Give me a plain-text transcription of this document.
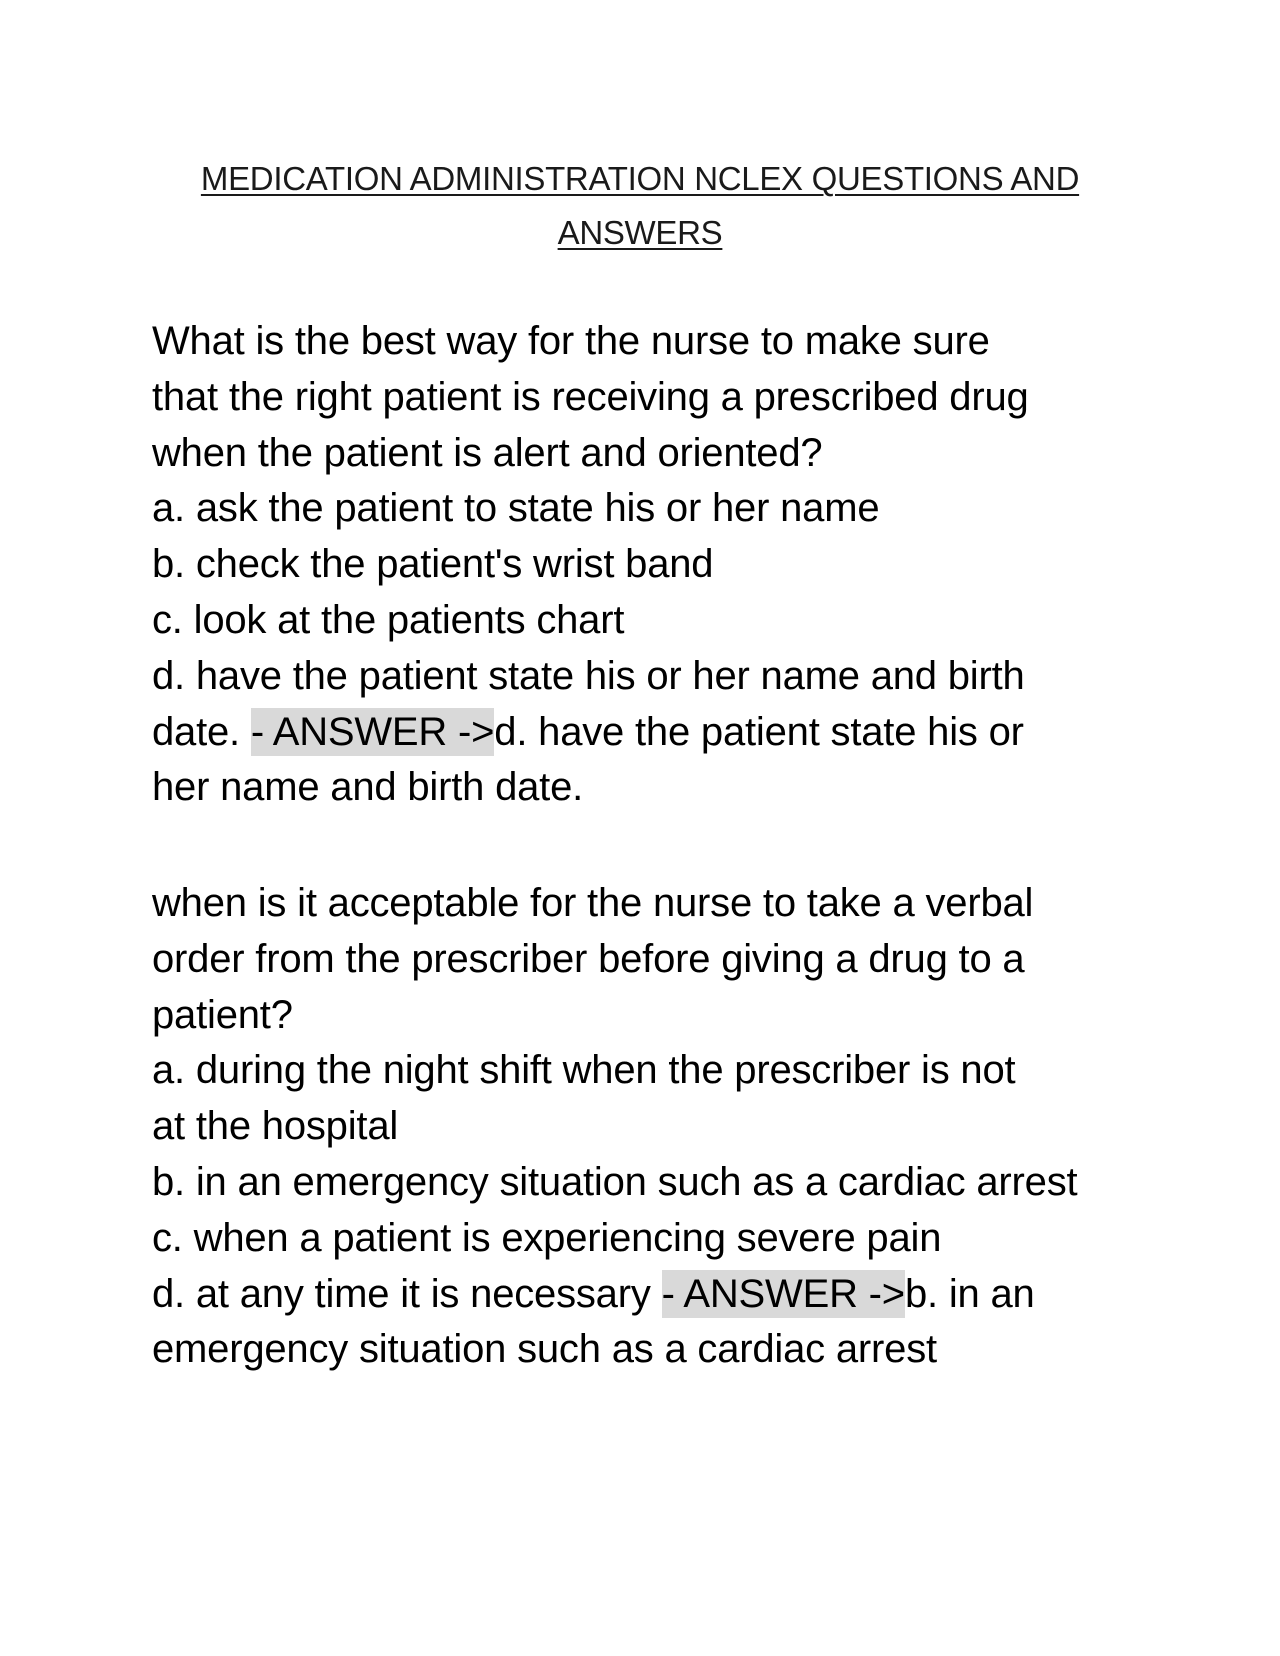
MEDICATION ADMINISTRATION NCLEX QUESTIONS AND
ANSWERS
What is the best way for the nurse to make sure
that the right patient is receiving a prescribed drug
when the patient is alert and oriented?
a. ask the patient to state his or her name
b. check the patient's wrist band
c. look at the patients chart
d. have the patient state his or her name and birth
date. - ANSWER ->d. have the patient state his or
her name and birth date.
when is it acceptable for the nurse to take a verbal
order from the prescriber before giving a drug to a
patient?
a. during the night shift when the prescriber is not
at the hospital
b. in an emergency situation such as a cardiac arrest
c. when a patient is experiencing severe pain
d. at any time it is necessary - ANSWER ->b. in an
emergency situation such as a cardiac arrest
